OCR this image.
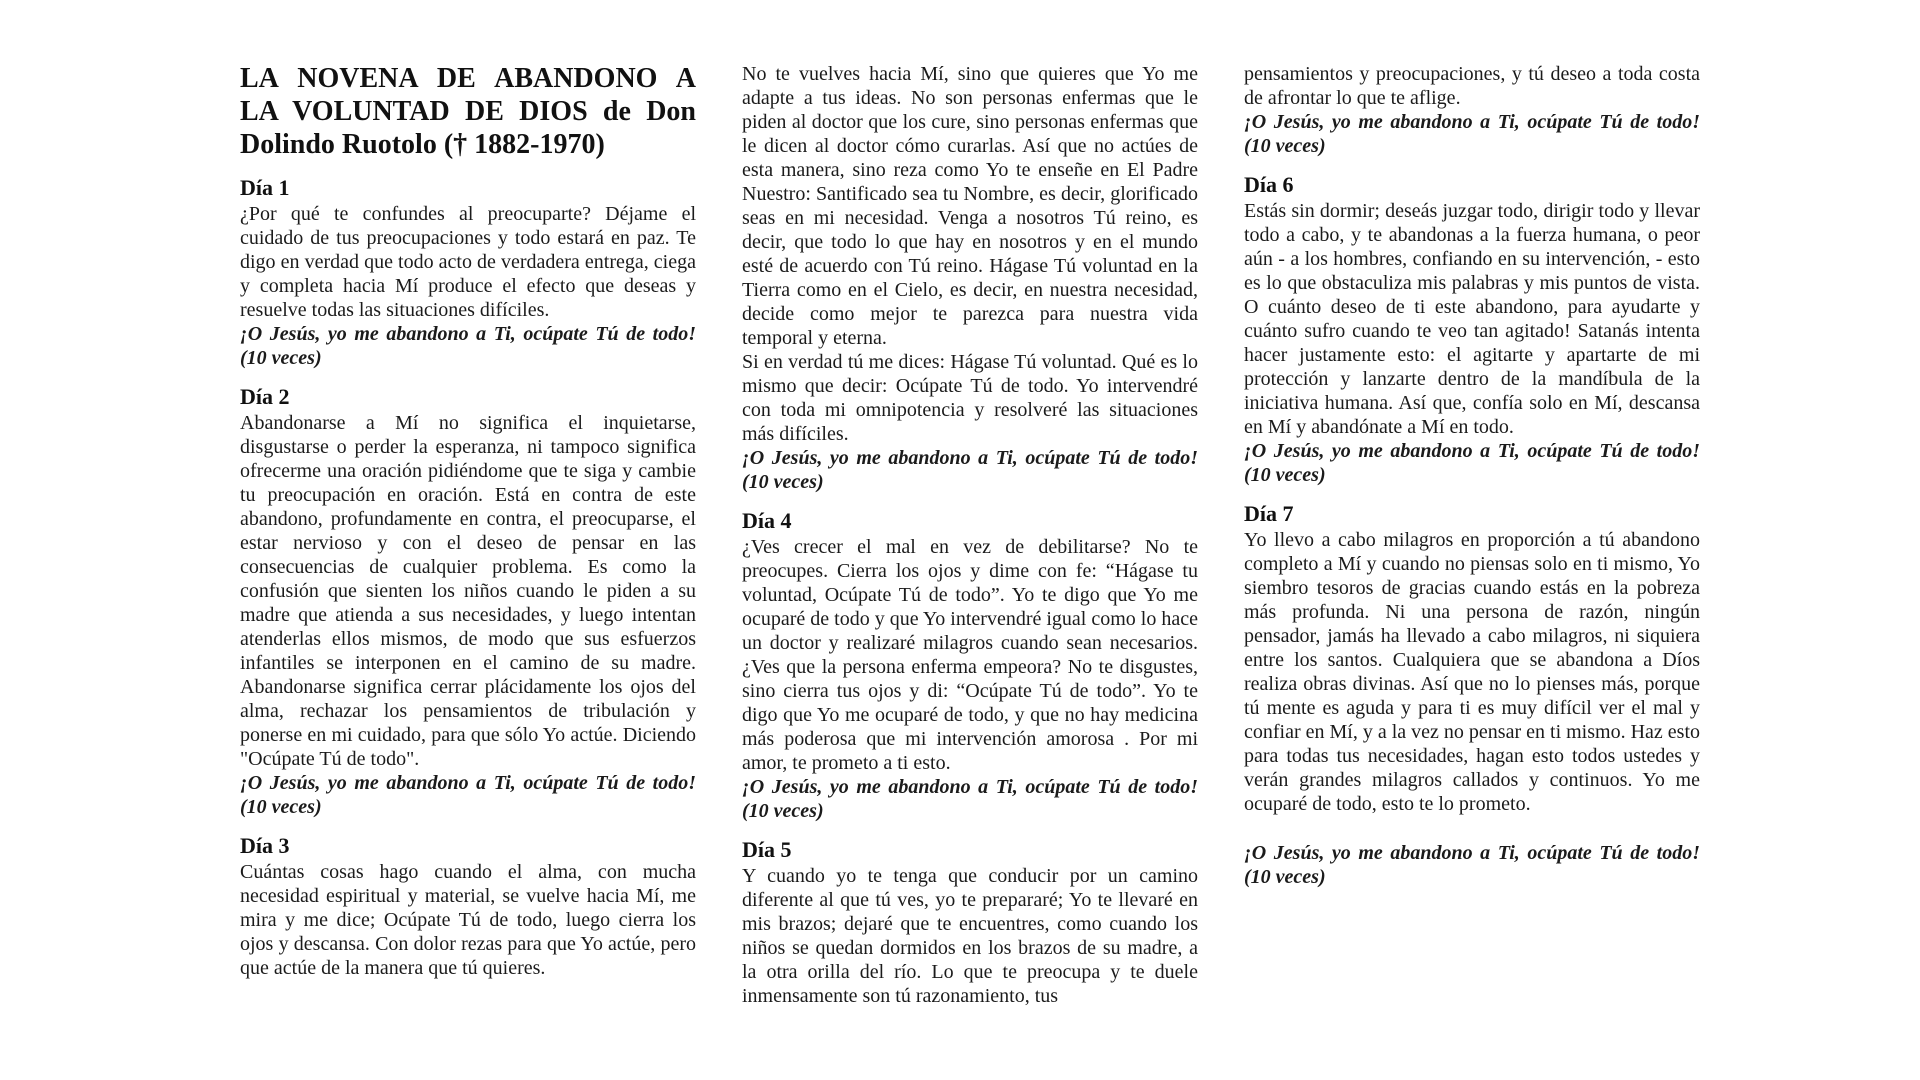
LA NOVENA DE ABANDONO A
LA VOLUNTAD DE DIOS de Don
Dolindo Ruotolo († 1882-1970)
Día 1

¿Por qué te confundes al preocuparte? Déjame el cuidado de tus preocupaciones y todo estará en paz. Te digo en verdad que todo acto de verdadera entrega, ciega y completa hacia Mí produce el efecto que deseas y resuelve todas las situaciones difíciles.

¡O Jesús, yo me abandono a Ti, ocúpate Tú de todo! (10 veces)

Día 2

Abandonarse a Mí no significa el inquietarse, disgustarse o perder la esperanza, ni tampoco significa ofrecerme una oración pidiéndome que te siga y cambie tu preocupación en oración. Está en contra de este abandono, profundamente en contra, el preocuparse, el estar nervioso y con el deseo de pensar en las consecuencias de cualquier problema. Es como la confusión que sienten los niños cuando le piden a su madre que atienda a sus necesidades, y luego intentan atenderlas ellos mismos, de modo que sus esfuerzos infantiles se interponen en el camino de su madre. Abandonarse significa cerrar plácidamente los ojos del alma, rechazar los pensamientos de tribulación y ponerse en mi cuidado, para que sólo Yo actúe. Diciendo "Ocúpate Tú de todo".

¡O Jesús, yo me abandono a Ti, ocúpate Tú de todo! (10 veces)

Día 3

Cuántas cosas hago cuando el alma, con mucha necesidad espiritual y material, se vuelve hacia Mí, me mira y me dice; Ocúpate Tú de todo, luego cierra los ojos y descansa. Con dolor rezas para que Yo actúe, pero que actúe de la manera que tú quieres.

No te vuelves hacia Mí, sino que quieres que Yo me adapte a tus ideas. No son personas enfermas que le piden al doctor que los cure, sino personas enfermas que le dicen al doctor cómo curarlas. Así que no actúes de esta manera, sino reza como Yo te enseñe en El Padre Nuestro: Santificado sea tu Nombre, es decir, glorificado seas en mi necesidad. Venga a nosotros Tú reino, es decir, que todo lo que hay en nosotros y en el mundo esté de acuerdo con Tú reino. Hágase Tú voluntad en la Tierra como en el Cielo, es decir, en nuestra necesidad, decide como mejor te parezca para nuestra vida temporal y eterna.

Si en verdad tú me dices: Hágase Tú voluntad. Qué es lo mismo que decir: Ocúpate Tú de todo. Yo intervendré con toda mi omnipotencia y resolveré las situaciones más difíciles.

¡O Jesús, yo me abandono a Ti, ocúpate Tú de todo! (10 veces)

Día 4

¿Ves crecer el mal en vez de debilitarse? No te preocupes. Cierra los ojos y dime con fe: “Hágase tu voluntad, Ocúpate Tú de todo”. Yo te digo que Yo me ocuparé de todo y que Yo intervendré igual como lo hace un doctor y realizaré milagros cuando sean necesarios. ¿Ves que la persona enferma empeora? No te disgustes, sino cierra tus ojos y di: “Ocúpate Tú de todo”. Yo te digo que Yo me ocuparé de todo, y que no hay medicina más poderosa que mi intervención amorosa . Por mi amor, te prometo a ti esto.

¡O Jesús, yo me abandono a Ti, ocúpate Tú de todo! (10 veces)

Día 5

Y cuando yo te tenga que conducir por un camino diferente al que tú ves, yo te prepararé; Yo te llevaré en mis brazos; dejaré que te encuentres, como cuando los niños se quedan dormidos en los brazos de su madre, a la otra orilla del río. Lo que te preocupa y te duele inmensamente son tú razonamiento, tus

pensamientos y preocupaciones, y tú deseo a toda costa de afrontar lo que te aflige.

¡O Jesús, yo me abandono a Ti, ocúpate Tú de todo! (10 veces)

Día 6

Estás sin dormir; deseás juzgar todo, dirigir todo y llevar todo a cabo, y te abandonas a la fuerza humana, o peor aún - a los hombres, confiando en su intervención, - esto es lo que obstaculiza mis palabras y mis puntos de vista. O cuánto deseo de ti este abandono, para ayudarte y cuánto sufro cuando te veo tan agitado! Satanás intenta hacer justamente esto: el agitarte y apartarte de mi protección y lanzarte dentro de la mandíbula de la iniciativa humana. Así que, confía solo en Mí, descansa en Mí y abandónate a Mí en todo.

¡O Jesús, yo me abandono a Ti, ocúpate Tú de todo! (10 veces)

Día 7

Yo llevo a cabo milagros en proporción a tú abandono completo a Mí y cuando no piensas solo en ti mismo, Yo siembro tesoros de gracias cuando estás en la pobreza más profunda. Ni una persona de razón, ningún pensador, jamás ha llevado a cabo milagros, ni siquiera entre los santos. Cualquiera que se abandona a Díos realiza obras divinas. Así que no lo pienses más, porque tú mente es aguda y para ti es muy difícil ver el mal y confiar en Mí, y a la vez no pensar en ti mismo. Haz esto para todas tus necesidades, hagan esto todos ustedes y verán grandes milagros callados y continuos. Yo me ocuparé de todo, esto te lo prometo.

¡O Jesús, yo me abandono a Ti, ocúpate Tú de todo! (10 veces)
